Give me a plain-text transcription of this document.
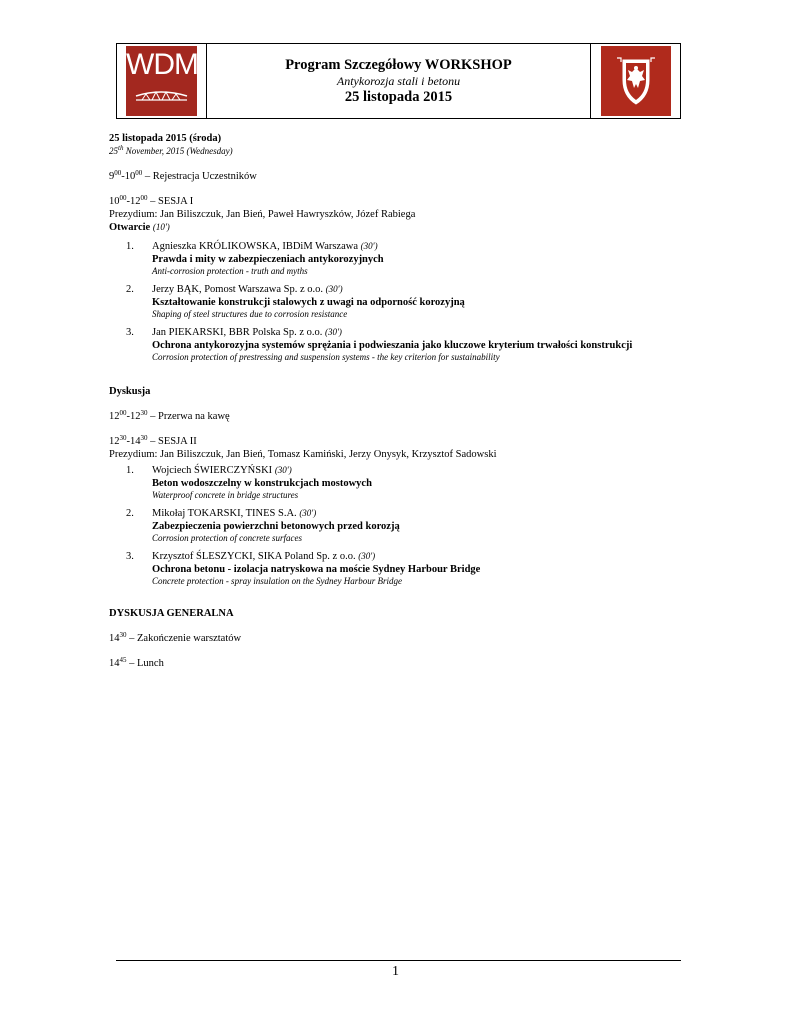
WDM	Program Szczegółowy WORKSHOP
Antykorozja stali i betonu
25 listopada 2015
25 listopada 2015 (środa)
25th November, 2015 (Wednesday)
$9^{00}-10^{00}$ – Rejestracja Uczestników
$10^{00}-12^{00}$ – SESJA I
Prezydium: Jan Biliszczuk, Jan Bień, Paweł Hawryszków, Józef Rabiega
Otwarcie (10')
1. Agnieszka KRÓLIKOWSKA, IBDiM Warszawa (30')
Prawda i mity w zabezpieczeniach antykorozyjnych
Anti-corrosion protection - truth and myths
2. Jerzy BĄK, Pomost Warszawa Sp. z o.o. (30')
Kształtowanie konstrukcji stalowych z uwagi na odporność korozyjną
Shaping of steel structures due to corrosion resistance
3. Jan PIEKARSKI, BBR Polska Sp. z o.o. (30')
Ochrona antykorozyjna systemów sprężania i podwieszania jako kluczowe kryterium trwałości konstrukcji
Corrosion protection of prestressing and suspension systems - the key criterion for sustainability
Dyskusja
$12^{00}-12^{30}$ – Przerwa na kawę
$12^{30}-14^{30}$ – SESJA II
Prezydium: Jan Biliszczuk, Jan Bień, Tomasz Kamiński, Jerzy Onysyk, Krzysztof Sadowski
1. Wojciech ŚWIERCZYŃSKI (30')
Beton wodoszczelny w konstrukcjach mostowych
Waterproof concrete in bridge structures
2. Mikołaj TOKARSKI, TINES S.A. (30')
Zabezpieczenia powierzchni betonowych przed korozją
Corrosion protection of concrete surfaces
3. Krzysztof ŚLESZYCKI, SIKA Poland Sp. z o.o. (30')
Ochrona betonu - izolacja natryskowa na moście Sydney Harbour Bridge
Concrete protection - spray insulation on the Sydney Harbour Bridge
DYSKUSJA GENERALNA
$14^{30}$ – Zakończenie warsztatów
$14^{45}$ – Lunch
1
